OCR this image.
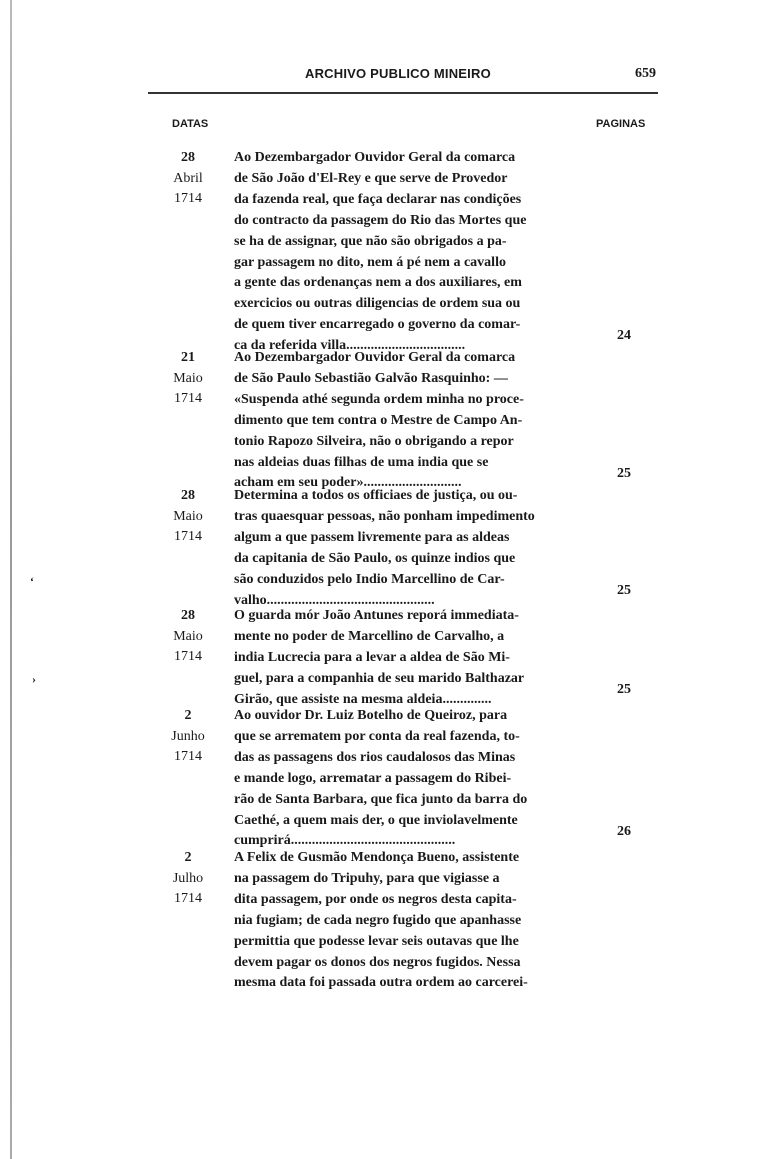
ARCHIVO PUBLICO MINEIRO	659
DATAS	PAGINAS
‘
›
28
Abril
1714
Ao Dezembargador Ouvidor Geral da comarca
de São João d'El-Rey e que serve de Provedor
da fazenda real, que faça declarar nas condições
do contracto da passagem do Rio das Mortes que
se ha de assignar, que não são obrigados a pa-
gar passagem no dito, nem á pé nem a cavallo
a gente das ordenanças nem a dos auxiliares, em
exercicios ou outras diligencias de ordem sua ou
de quem tiver encarregado o governo da comar-
ca da referida villa..................................
24
21
Maio
1714
Ao Dezembargador Ouvidor Geral da comarca
de São Paulo Sebastião Galvão Rasquinho: —
«Suspenda athé segunda ordem minha no proce-
dimento que tem contra o Mestre de Campo An-
tonio Rapozo Silveira, não o obrigando a repor
nas aldeias duas filhas de uma india que se
acham em seu poder»............................
25
28
Maio
1714
Determina a todos os officiaes de justiça, ou ou-
tras quaesquar pessoas, não ponham impedimento
algum a que passem livremente para as aldeas
da capitania de São Paulo, os quinze indios que
são conduzidos pelo Indio Marcellino de Car-
valho................................................
25
28
Maio
1714
O guarda mór João Antunes reporá immediata-
mente no poder de Marcellino de Carvalho, a
india Lucrecia para a levar a aldea de São Mi-
guel, para a companhia de seu marido Balthazar
Girão, que assiste na mesma aldeia..............
25
2
Junho
1714
Ao ouvidor Dr. Luiz Botelho de Queiroz, para
que se arrematem por conta da real fazenda, to-
das as passagens dos rios caudalosos das Minas
e mande logo, arrematar a passagem do Ribei-
rão de Santa Barbara, que fica junto da barra do
Caethé, a quem mais der, o que inviolavelmente
cumprirá...............................................
26
2
Julho
1714
A Felix de Gusmão Mendonça Bueno, assistente
na passagem do Tripuhy, para que vigiasse a
dita passagem, por onde os negros desta capita-
nia fugiam; de cada negro fugido que apanhasse
permittia que podesse levar seis outavas que lhe
devem pagar os donos dos negros fugidos. Nessa
mesma data foi passada outra ordem ao carcerei-
